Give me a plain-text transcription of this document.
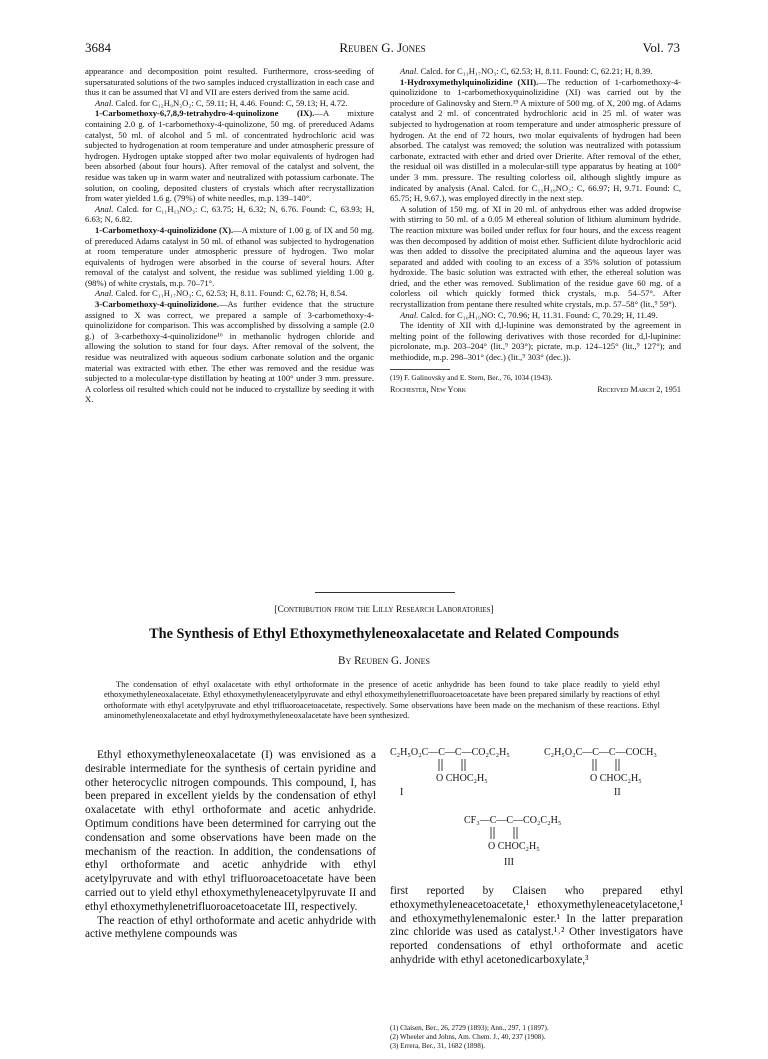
3684	Reuben G. Jones	Vol. 73

appearance and decomposition point resulted. Furthermore, cross-seeding of supersaturated solutions of the two samples induced crystallization in each case and thus it can be assumed that VI and VII are esters derived from the same acid.

Anal. Calcd. for C₁₂H₉N₂O₂: C, 59.11; H, 4.46. Found: C, 59.13; H, 4.72.

1-Carbomethoxy-6,7,8,9-tetrahydro-4-quinolizone (IX).—A mixture containing 2.0 g. of 1-carbomethoxy-4-quinolizone, 50 mg. of prereduced Adams catalyst, 50 ml. of alcohol and 5 ml. of concentrated hydrochloric acid was subjected to hydrogenation at room temperature and under atmospheric pressure of hydrogen. Hydrogen uptake stopped after two molar equivalents of hydrogen had been absorbed (about four hours). After removal of the catalyst and solvent, the residue was taken up in warm water and neutralized with potassium carbonate. The solution, on cooling, deposited clusters of crystals which after recrystallization from water yielded 1.6 g. (79%) of white needles, m.p. 139–140°.

Anal. Calcd. for C₁₁H₁₃NO₃: C, 63.75; H, 6.32; N, 6.76. Found: C, 63.93; H, 6.63; N, 6.82.

1-Carbomethoxy-4-quinolizidone (X).—A mixture of 1.00 g. of IX and 50 mg. of prereduced Adams catalyst in 50 ml. of ethanol was subjected to hydrogenation at room temperature under atmospheric pressure of hydrogen. Two molar equivalents of hydrogen were absorbed in the course of several hours. After removal of the catalyst and solvent, the residue was sublimed yielding 1.00 g. (98%) of white crystals, m.p. 70–71°.

Anal. Calcd. for C₁₁H₁₇NO₃: C, 62.53; H, 8.11. Found: C, 62.78; H, 8.54.

3-Carbomethoxy-4-quinolizidone.—As further evidence that the structure assigned to X was correct, we prepared a sample of 3-carbomethoxy-4-quinolizidone for comparison. This was accomplished by dissolving a sample (2.0 g.) of 3-carbethoxy-4-quinolizidone¹⁶ in methanolic hydrogen chloride and allowing the solution to stand for four days. After removal of the solvent, the residue was neutralized with aqueous sodium carbonate solution and the organic material was extracted with ether. The ether was removed and the residue was subjected to a molecular-type distillation by heating at 100° under 3 mm. pressure. A colorless oil resulted which could not be induced to crystallize by seeding it with X.

Anal. Calcd. for C₁₁H₁₇NO₃: C, 62.53; H, 8.11. Found: C, 62.21; H, 8.39.

1-Hydroxymethylquinolizidine (XII).—The reduction of 1-carbomethoxy-4-quinolizidone to 1-carbomethoxyquinolizidine (XI) was carried out by the procedure of Galinovsky and Stern.¹⁹ A mixture of 500 mg. of X, 200 mg. of Adams catalyst and 2 ml. of concentrated hydrochloric acid in 25 ml. of water was subjected to hydrogenation at room temperature and under atmospheric pressure of hydrogen. At the end of 72 hours, two molar equivalents of hydrogen had been absorbed. The catalyst was removed; the solution was neutralized with potassium carbonate, extracted with ether and dried over Drierite. After removal of the ether, the residual oil was distilled in a molecular-still type apparatus by heating at 100° under 3 mm. pressure. The resulting colorless oil, although slightly impure as indicated by analysis (Anal. Calcd. for C₁₁H₁₉NO₂: C, 66.97; H, 9.71. Found: C, 65.75; H, 9.67.), was employed directly in the next step.

A solution of 150 mg. of XI in 20 ml. of anhydrous ether was added dropwise with stirring to 50 ml. of a 0.05 M ethereal solution of lithium aluminum hydride. The reaction mixture was boiled under reflux for four hours, and the excess reagent was then decomposed by addition of moist ether. Sufficient dilute hydrochloric acid was then added to dissolve the precipitated alumina and the aqueous layer was separated and added with cooling to an excess of a 35% solution of potassium hydroxide. The basic solution was extracted with ether, the ethereal solution was dried, and the ether was removed. Sublimation of the residue gave 60 mg. of a colorless oil which quickly formed thick crystals, m.p. 54–57°. After recrystallization from pentane there resulted white crystals, m.p. 57–58° (lit.,⁹ 59°).

Anal. Calcd. for C₁₀H₁₉NO: C, 70.96; H, 11.31. Found: C, 70.29; H, 11.49.

The identity of XII with d,l-lupinine was demonstrated by the agreement in melting point of the following derivatives with those recorded for d,l-lupinine: picrolonate, m.p. 203–204° (lit.,⁹ 203°); picrate, m.p. 124–125° (lit.,⁹ 127°); and methiodide, m.p. 298–301° (dec.) (lit.,⁹ 303° (dec.)).

(19) F. Galinovsky and E. Stern, Ber., 76, 1034 (1943).
Rochester, New York	Received March 2, 1951
[Contribution from the Lilly Research Laboratories]
The Synthesis of Ethyl Ethoxymethyleneoxalacetate and Related Compounds
By Reuben G. Jones
The condensation of ethyl oxalacetate with ethyl orthoformate in the presence of acetic anhydride has been found to take place readily to yield ethyl ethoxymethyleneoxalacetate. Ethyl ethoxymethyleneacetylpyruvate and ethyl ethoxymethylenetrifluoroacetoacetate have been prepared similarly by reactions of ethyl orthoformate with ethyl acetylpyruvate and ethyl trifluoroacetoacetate, respectively. Some observations have been made on the mechanism of these reactions. Ethyl aminomethyleneoxalacetate and ethyl hydroxymethyleneoxalacetate have been synthesized.

Ethyl ethoxymethyleneoxalacetate (I) was envisioned as a desirable intermediate for the synthesis of certain pyridine and other heterocyclic nitrogen compounds. This compound, I, has been prepared in excellent yields by the condensation of ethyl oxalacetate with ethyl orthoformate and acetic anhydride. Optimum conditions have been determined for carrying out the condensation and some observations have been made on the mechanism of the reaction. In addition, the condensations of ethyl orthoformate and acetic anhydride with ethyl acetylpyruvate and with ethyl trifluoroacetoacetate have been carried out to yield ethyl ethoxymethyleneacetylpyruvate II and ethyl ethoxymethylenetrifluoroacetoacetate III, respectively.

The reaction of ethyl orthoformate and acetic anhydride with active methylene compounds was

C₂H₅O₂C—C—C—CO₂C₂H₅
O CHOC₂H₅
I
C₂H₅O₂C—C—C—COCH₃
O CHOC₂H₅
II
CF₃—C—C—CO₂C₂H₅
O CHOC₂H₅
III

first reported by Claisen who prepared ethyl ethoxymethyleneacetoacetate,¹ ethoxymethyleneacetylacetone,¹ and ethoxymethylenemalonic ester.¹ In the latter preparation zinc chloride was used as catalyst.¹˒² Other investigators have reported condensations of ethyl orthoformate and acetic anhydride with ethyl acetonedicarboxylate,³

(1) Claisen, Ber., 26, 2729 (1893); Ann., 297, 1 (1897).
(2) Wheeler and Johns, Am. Chem. J., 40, 237 (1908).
(3) Errera, Ber., 31, 1682 (1898).
